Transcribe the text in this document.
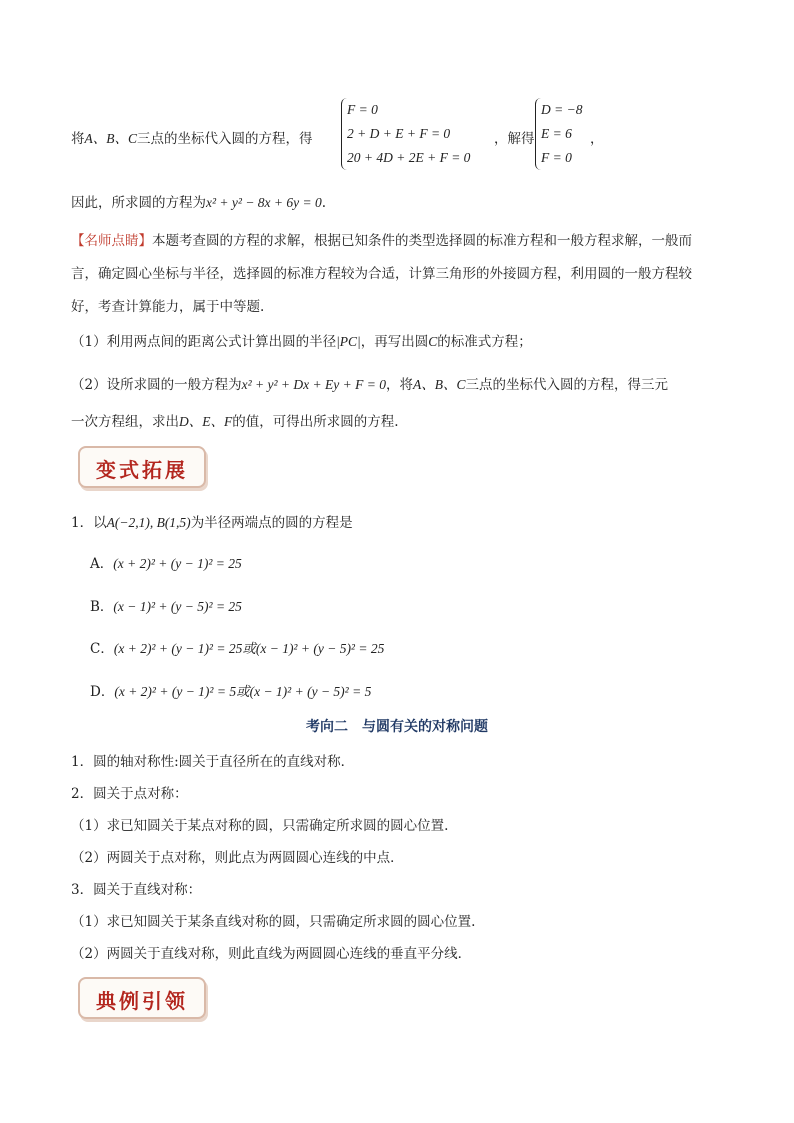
将A、B、C三点的坐标代入圆的方程，得
F = 0
2 + D + E + F = 0
20 + 4D + 2E + F = 0
，解得
D = −8
E = 6
F = 0
，
因此，所求圆的方程为x² + y² − 8x + 6y = 0.
【名师点睛】本题考查圆的方程的求解，根据已知条件的类型选择圆的标准方程和一般方程求解，一般而
言，确定圆心坐标与半径，选择圆的标准方程较为合适，计算三角形的外接圆方程，利用圆的一般方程较
好，考查计算能力，属于中等题.
（1）利用两点间的距离公式计算出圆的半径|PC|，再写出圆C的标准式方程；
（2）设所求圆的一般方程为x² + y² + Dx + Ey + F = 0，将A、B、C三点的坐标代入圆的方程，得三元
一次方程组，求出D、E、F的值，可得出所求圆的方程.
变式拓展
1．以A(−2,1), B(1,5)为半径两端点的圆的方程是
A．(x + 2)² + (y − 1)² = 25
B．(x − 1)² + (y − 5)² = 25
C．(x + 2)² + (y − 1)² = 25或(x − 1)² + (y − 5)² = 25
D．(x + 2)² + (y − 1)² = 5或(x − 1)² + (y − 5)² = 5
考向二　与圆有关的对称问题
1．圆的轴对称性:圆关于直径所在的直线对称．
2．圆关于点对称：
（1）求已知圆关于某点对称的圆，只需确定所求圆的圆心位置.
（2）两圆关于点对称，则此点为两圆圆心连线的中点．
3．圆关于直线对称：
（1）求已知圆关于某条直线对称的圆，只需确定所求圆的圆心位置.
（2）两圆关于直线对称，则此直线为两圆圆心连线的垂直平分线．
典例引领
